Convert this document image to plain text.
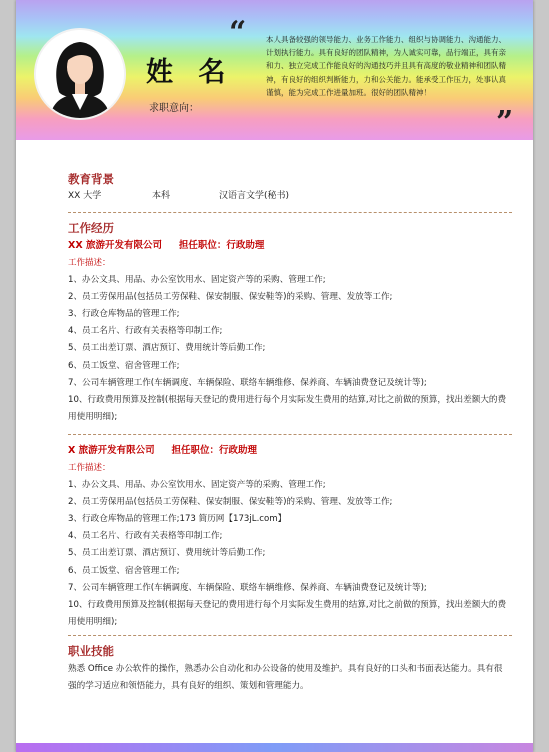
姓 名
求职意向：
“	本人具备较强的领导能力、业务工作能力、组织与协调能力、沟通能力、计划执行能力。具有良好的团队精神，为人诚实可靠，品行端正，具有亲和力、独立完成工作能良好的沟通技巧并且具有高度的敬业精神和团队精神，有良好的组织判断能力，力和公关能力。能承受工作压力，处事认真谨慎，能为完成工作进量加班。很好的团队精神！
”
教育背景
XX 大学	本科	汉语言文学(秘书)
工作经历
XX 旅游开发有限公司 担任职位：行政助理
工作描述：
1、办公文具、用品、办公室饮用水、固定资产等的采购、管理工作;
2、员工劳保用品(包括员工劳保鞋、保安制服、保安鞋等)的采购、管理、发放等工作;
3、行政仓库物品的管理工作;
4、员工名片、行政有关表格等印制工作;
5、员工出差订票、酒店预订、费用统计等后勤工作;
6、员工饭堂、宿舍管理工作;
7、公司车辆管理工作(车辆调度、车辆保险、联络车辆维修、保养商、车辆油费登记及统计等);
10、行政费用预算及控制(根据每天登记的费用进行每个月实际发生费用的结算,对比之前做的预算，找出差额大的费用使用明细);
X 旅游开发有限公司 担任职位：行政助理
工作描述：
1、办公文具、用品、办公室饮用水、固定资产等的采购、管理工作;
2、员工劳保用品(包括员工劳保鞋、保安制服、保安鞋等)的采购、管理、发放等工作;
3、行政仓库物品的管理工作;173 简历网【173jL.com】
4、员工名片、行政有关表格等印制工作;
5、员工出差订票、酒店预订、费用统计等后勤工作;
6、员工饭堂、宿舍管理工作;
7、公司车辆管理工作(车辆调度、车辆保险、联络车辆维修、保养商、车辆油费登记及统计等);
10、行政费用预算及控制(根据每天登记的费用进行每个月实际发生费用的结算,对比之前做的预算，找出差额大的费用使用明细);
职业技能
熟悉 Office 办公软件的操作，熟悉办公自动化和办公设备的使用及维护。具有良好的口头和书面表达能力。具有很强的学习适应和领悟能力，具有良好的组织、策划和管理能力。
